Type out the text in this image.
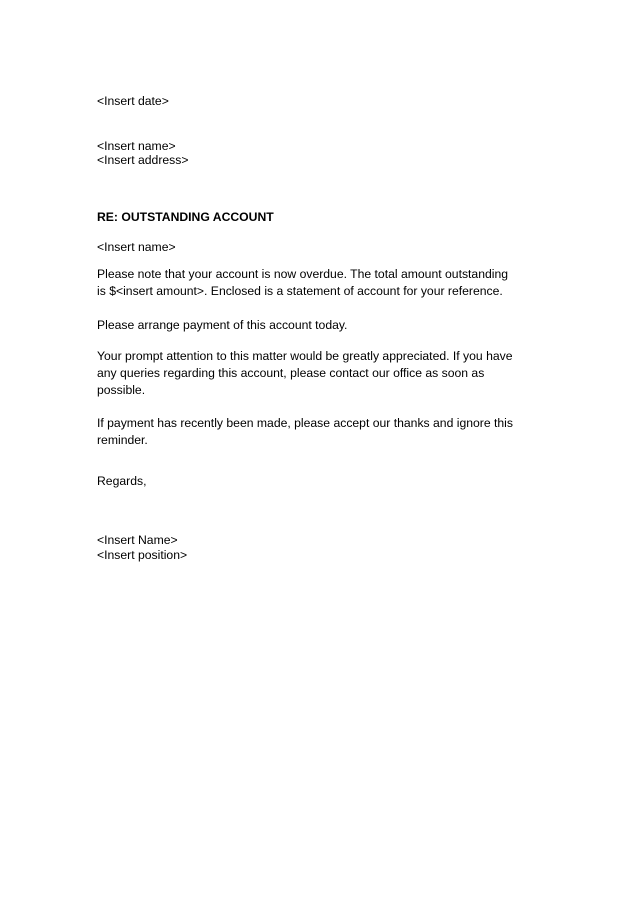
<Insert date>
<Insert name>
<Insert address>
RE: OUTSTANDING ACCOUNT
<Insert name>
Please note that your account is now overdue. The total amount outstanding
is $<insert amount>. Enclosed is a statement of account for your reference.
Please arrange payment of this account today.
Your prompt attention to this matter would be greatly appreciated. If you have
any queries regarding this account, please contact our office as soon as
possible.
If payment has recently been made, please accept our thanks and ignore this
reminder.
Regards,
<Insert Name>
<Insert position>
